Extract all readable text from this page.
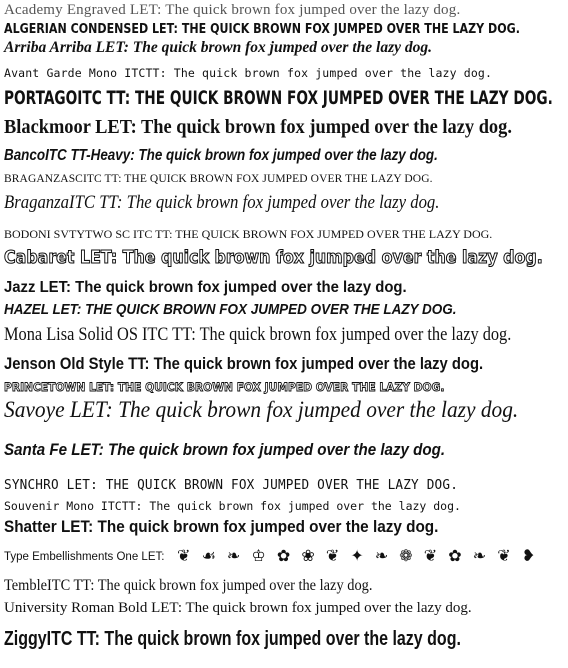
Academy Engraved LET: The quick brown fox jumped over the lazy dog.
ALGERIAN CONDENSED LET: THE QUICK BROWN FOX JUMPED OVER THE LAZY DOG.
Arriba Arriba LET: The quick brown fox jumped over the lazy dog.
Avant Garde Mono ITCTT: The quick brown fox jumped over the lazy dog.
PORTAGOITC TT: THE QUICK BROWN FOX JUMPED OVER THE LAZY DOG.
Blackmoor LET: The quick brown fox jumped over the lazy dog.
BancoITC TT-Heavy: The quick brown fox jumped over the lazy dog.
BRAGANZASCITC TT: THE QUICK BROWN FOX JUMPED OVER THE LAZY DOG.
BraganzaITC TT: The quick brown fox jumped over the lazy dog.
BODONI SVTYTWO SC ITC TT: THE QUICK BROWN FOX JUMPED OVER THE LAZY DOG.
Cabaret LET: The quick brown fox jumped over the lazy dog.
Jazz LET: The quick brown fox jumped over the lazy dog.
HAZEL LET: THE QUICK BROWN FOX JUMPED OVER THE LAZY DOG.
Mona Lisa Solid OS ITC TT: The quick brown fox jumped over the lazy dog.
Jenson Old Style TT: The quick brown fox jumped over the lazy dog.
PRINCETOWN LET: THE QUICK BROWN FOX JUMPED OVER THE LAZY DOG.
Savoye LET: The quick brown fox jumped over the lazy dog.
Santa Fe LET: The quick brown fox jumped over the lazy dog.
SYNCHRO LET: THE QUICK BROWN FOX JUMPED OVER THE LAZY DOG.
Souvenir Mono ITCTT: The quick brown fox jumped over the lazy dog.
Shatter LET: The quick brown fox jumped over the lazy dog.
Type Embellishments One LET: ❦ ☙ ❧ ♔ ✿ ❀ ❦ ✦ ❧ ❁ ❦ ✿ ❧ ❦ ❥
TembleITC TT: The quick brown fox jumped over the lazy dog.
University Roman Bold LET: The quick brown fox jumped over the lazy dog.
ZiggyITC TT: The quick brown fox jumped over the lazy dog.
